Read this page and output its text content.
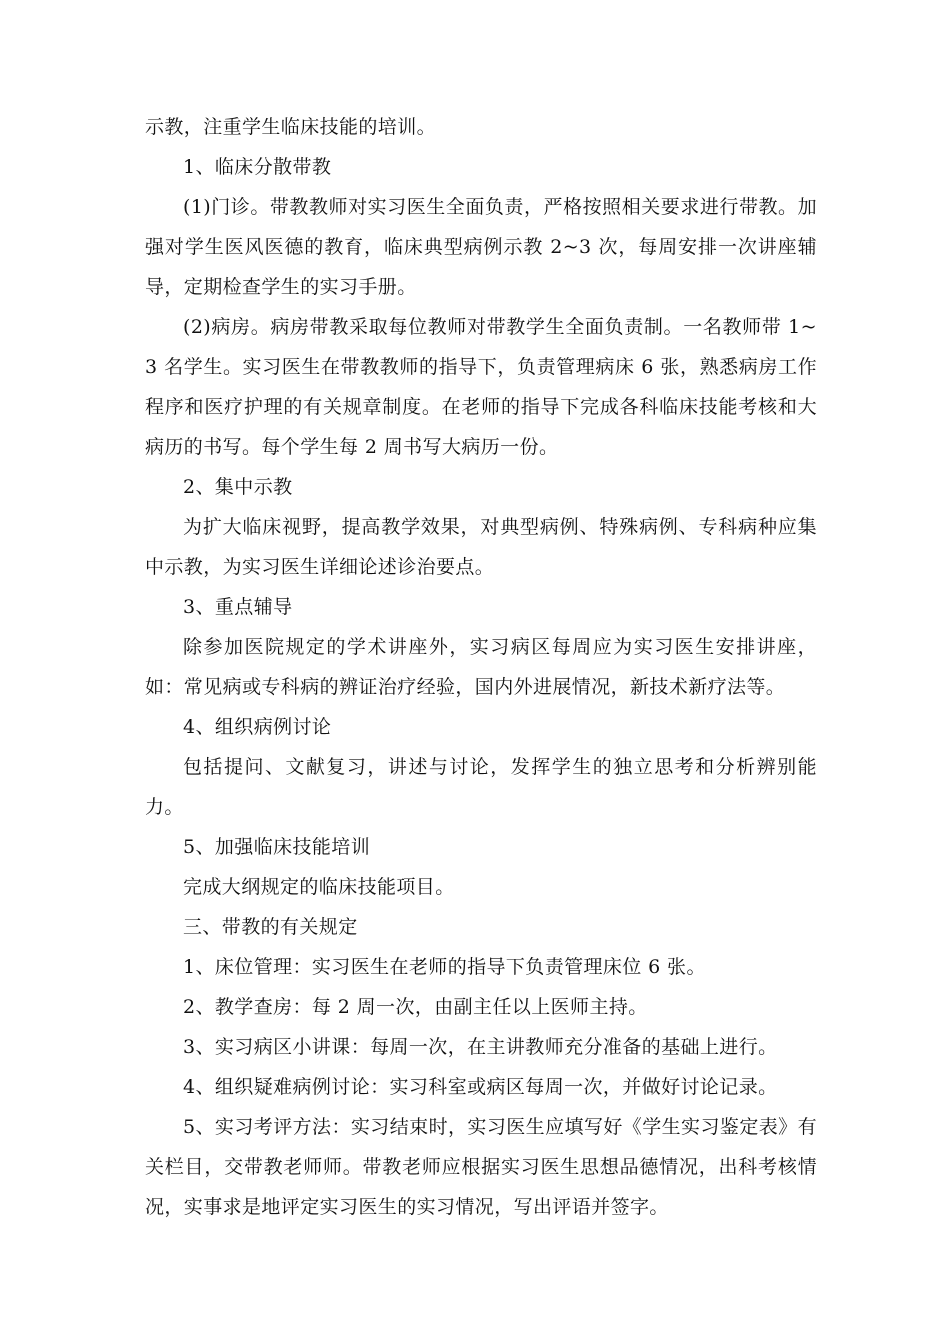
示教，注重学生临床技能的培训。

1、临床分散带教

(1)门诊。带教教师对实习医生全面负责，严格按照相关要求进行带教。加强对学生医风医德的教育，临床典型病例示教 2~3 次，每周安排一次讲座辅导，定期检查学生的实习手册。

(2)病房。病房带教采取每位教师对带教学生全面负责制。一名教师带 1~3 名学生。实习医生在带教教师的指导下，负责管理病床 6 张，熟悉病房工作程序和医疗护理的有关规章制度。在老师的指导下完成各科临床技能考核和大病历的书写。每个学生每 2 周书写大病历一份。

2、集中示教

为扩大临床视野，提高教学效果，对典型病例、特殊病例、专科病种应集中示教，为实习医生详细论述诊治要点。

3、重点辅导

除参加医院规定的学术讲座外，实习病区每周应为实习医生安排讲座，如：常见病或专科病的辨证治疗经验，国内外进展情况，新技术新疗法等。

4、组织病例讨论

包括提问、文献复习，讲述与讨论，发挥学生的独立思考和分析辨别能力。

5、加强临床技能培训

完成大纲规定的临床技能项目。

三、带教的有关规定

1、床位管理：实习医生在老师的指导下负责管理床位 6 张。

2、教学查房：每 2 周一次，由副主任以上医师主持。

3、实习病区小讲课：每周一次，在主讲教师充分准备的基础上进行。

4、组织疑难病例讨论：实习科室或病区每周一次，并做好讨论记录。

5、实习考评方法：实习结束时，实习医生应填写好《学生实习鉴定表》有关栏目，交带教老师师。带教老师应根据实习医生思想品德情况，出科考核情况，实事求是地评定实习医生的实习情况，写出评语并签字。
